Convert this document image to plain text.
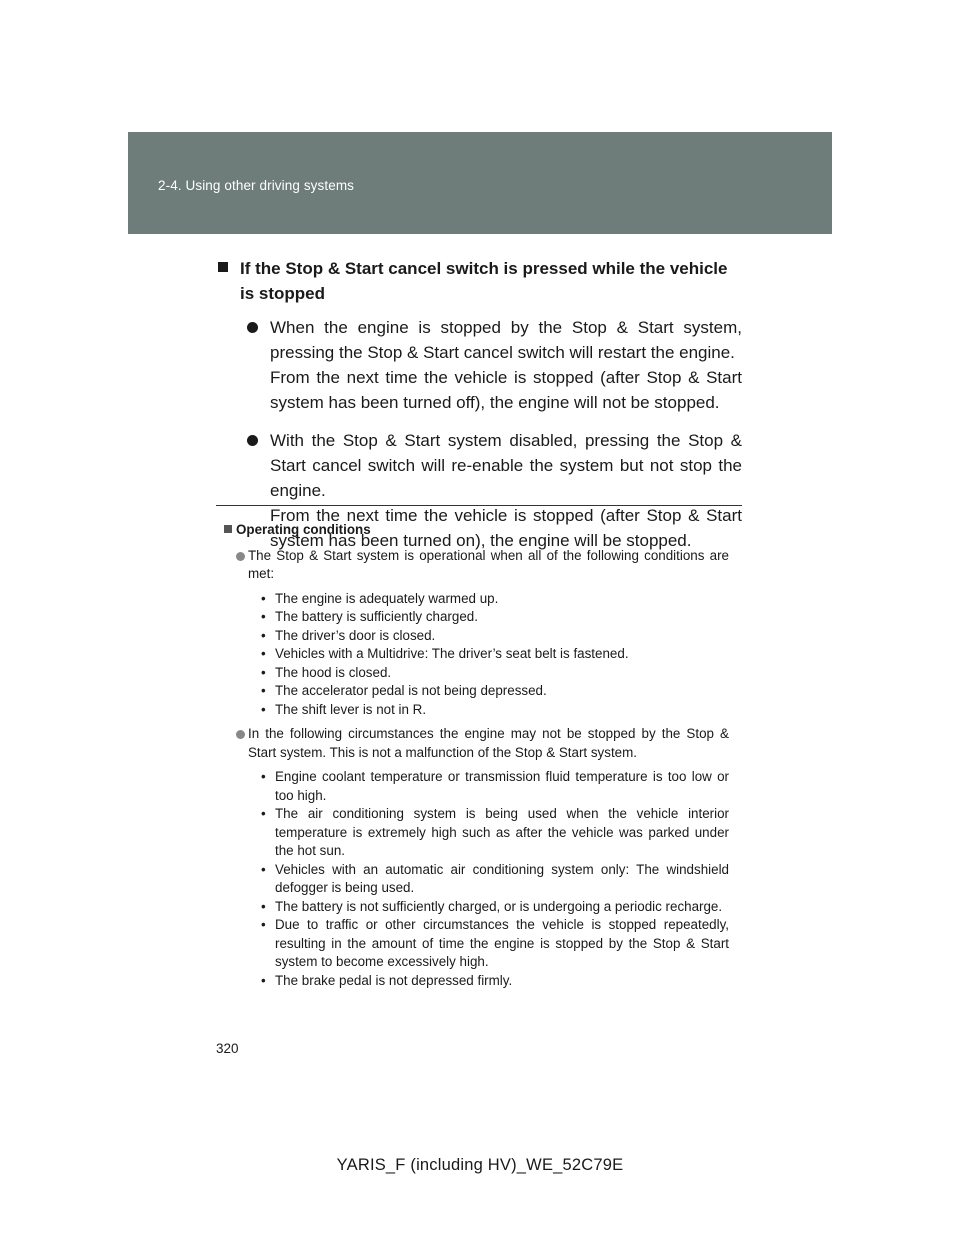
2-4. Using other driving systems
If the Stop & Start cancel switch is pressed while the vehicle is stopped

When the engine is stopped by the Stop & Start system, pressing the Stop & Start cancel switch will restart the engine.

From the next time the vehicle is stopped (after Stop & Start system has been turned off), the engine will not be stopped.

With the Stop & Start system disabled, pressing the Stop & Start cancel switch will re-enable the system but not stop the engine.

From the next time the vehicle is stopped (after Stop & Start system has been turned on), the engine will be stopped.

Operating conditions
The Stop & Start system is operational when all of the following conditions are met:
• The engine is adequately warmed up.
• The battery is sufficiently charged.
• The driver’s door is closed.
• Vehicles with a Multidrive: The driver’s seat belt is fastened.
• The hood is closed.
• The accelerator pedal is not being depressed.
• The shift lever is not in R.
In the following circumstances the engine may not be stopped by the Stop & Start system. This is not a malfunction of the Stop & Start system.
• Engine coolant temperature or transmission fluid temperature is too low or too high.
• The air conditioning system is being used when the vehicle interior temperature is extremely high such as after the vehicle was parked under the hot sun.
• Vehicles with an automatic air conditioning system only: The windshield defogger is being used.
• The battery is not sufficiently charged, or is undergoing a periodic recharge.
• Due to traffic or other circumstances the vehicle is stopped repeatedly, resulting in the amount of time the engine is stopped by the Stop & Start system to become excessively high.
• The brake pedal is not depressed firmly.
320
YARIS_F (including HV)_WE_52C79E
